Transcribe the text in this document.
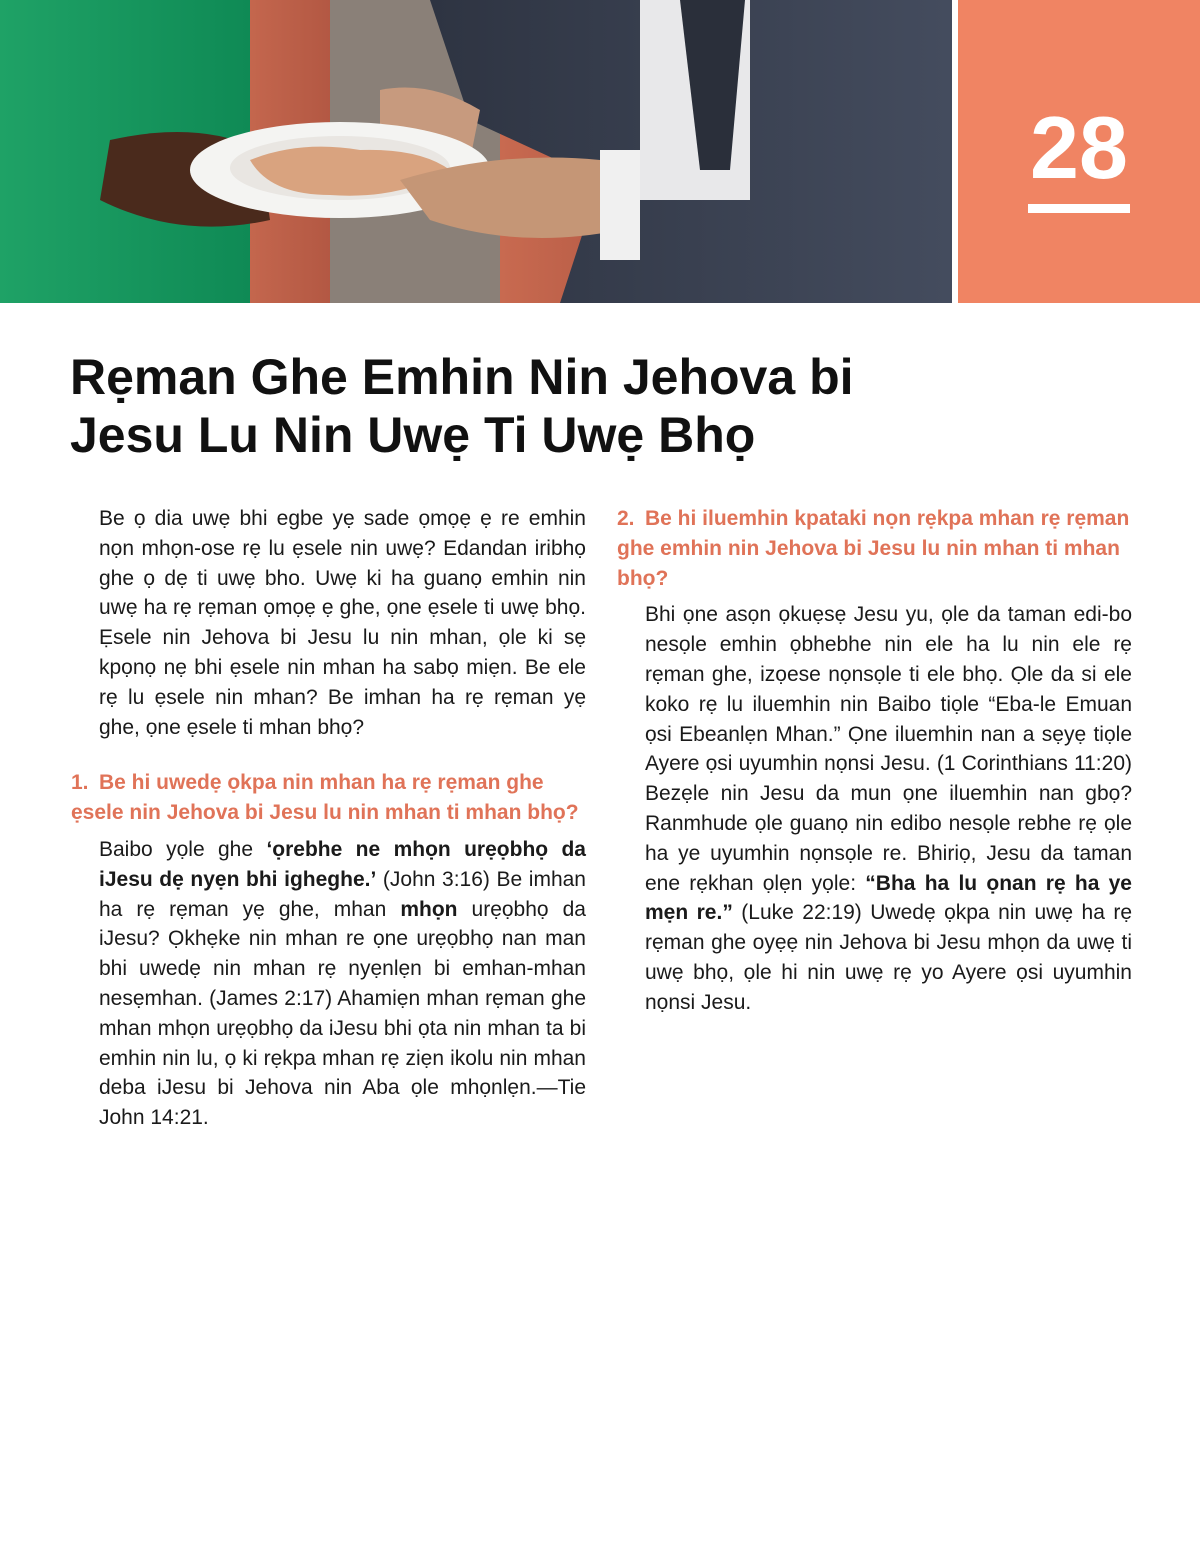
28
Rẹman Ghe Emhin Nin Jehova bi Jesu Lu Nin Uwẹ Ti Uwẹ Bhọ

Be ọ dia uwẹ bhi egbe yẹ sade ọmọẹ ẹ re emhin nọn mhọn-ose rẹ lu ẹsele nin uwẹ? Edandan iribhọ ghe ọ dẹ ti uwẹ bho. Uwẹ ki ha guanọ emhin nin uwẹ ha rẹ rẹman ọmọẹ ẹ ghe, ọne ẹsele ti uwẹ bhọ. Ẹsele nin Jehova bi Jesu lu nin mhan, ọle ki sẹ kpọnọ nẹ bhi ẹsele nin mhan ha sabọ miẹn. Be ele rẹ lu ẹsele nin mhan? Be imhan ha rẹ rẹman yẹ ghe, ọne ẹsele ti mhan bhọ?

1. Be hi uwedẹ ọkpa nin mhan ha rẹ rẹman ghe ẹsele nin Jehova bi Jesu lu nin mhan ti mhan bhọ?

Baibo yọle ghe ‘ọrebhe ne mhọn urẹọbhọ da iJesu dẹ nyẹn bhi igheghe.’ (John 3:16) Be imhan ha rẹ rẹman yẹ ghe, mhan mhọn urẹọbhọ da iJesu? Ọkhẹke nin mhan re ọne urẹọbhọ nan man bhi uwedẹ nin mhan rẹ nyẹnlẹn bi emhan-mhan nesẹmhan. (James 2:17) Ahamiẹn mhan rẹman ghe mhan mhọn urẹọbhọ da iJesu bhi ọta nin mhan ta bi emhin nin lu, ọ ki rẹkpa mhan rẹ ziẹn ikolu nin mhan deba iJesu bi Jehova nin Aba ọle mhọnlẹn.—Tie John 14:21.

2. Be hi iluemhin kpataki nọn rẹkpa mhan rẹ rẹman ghe emhin nin Jehova bi Jesu lu nin mhan ti mhan bhọ?

Bhi ọne asọn ọkuẹsẹ Jesu yu, ọle da taman edi-bo nesọle emhin ọbhebhe nin ele ha lu nin ele rẹ rẹman ghe, izọese nọnsọle ti ele bhọ. Ọle da si ele koko rẹ lu iluemhin nin Baibo tiọle “Eba-le Emuan ọsi Ebeanlẹn Mhan.” Ọne iluemhin nan a sẹyẹ tiọle Ayere ọsi uyumhin nọnsi Jesu. (1 Corinthians 11:20) Bezẹle nin Jesu da mun ọne iluemhin nan gbọ? Ranmhude ọle guanọ nin edibo nesọle rebhe rẹ ọle ha ye uyumhin nọnsọle re. Bhiriọ, Jesu da taman ene rẹkhan ọlẹn yọle: “Bha ha lu ọnan rẹ ha ye mẹn re.” (Luke 22:19) Uwedẹ ọkpa nin uwẹ ha rẹ rẹman ghe oyẹẹ nin Jehova bi Jesu mhọn da uwẹ ti uwẹ bhọ, ọle hi nin uwẹ rẹ yo Ayere ọsi uyumhin nọnsi Jesu.
